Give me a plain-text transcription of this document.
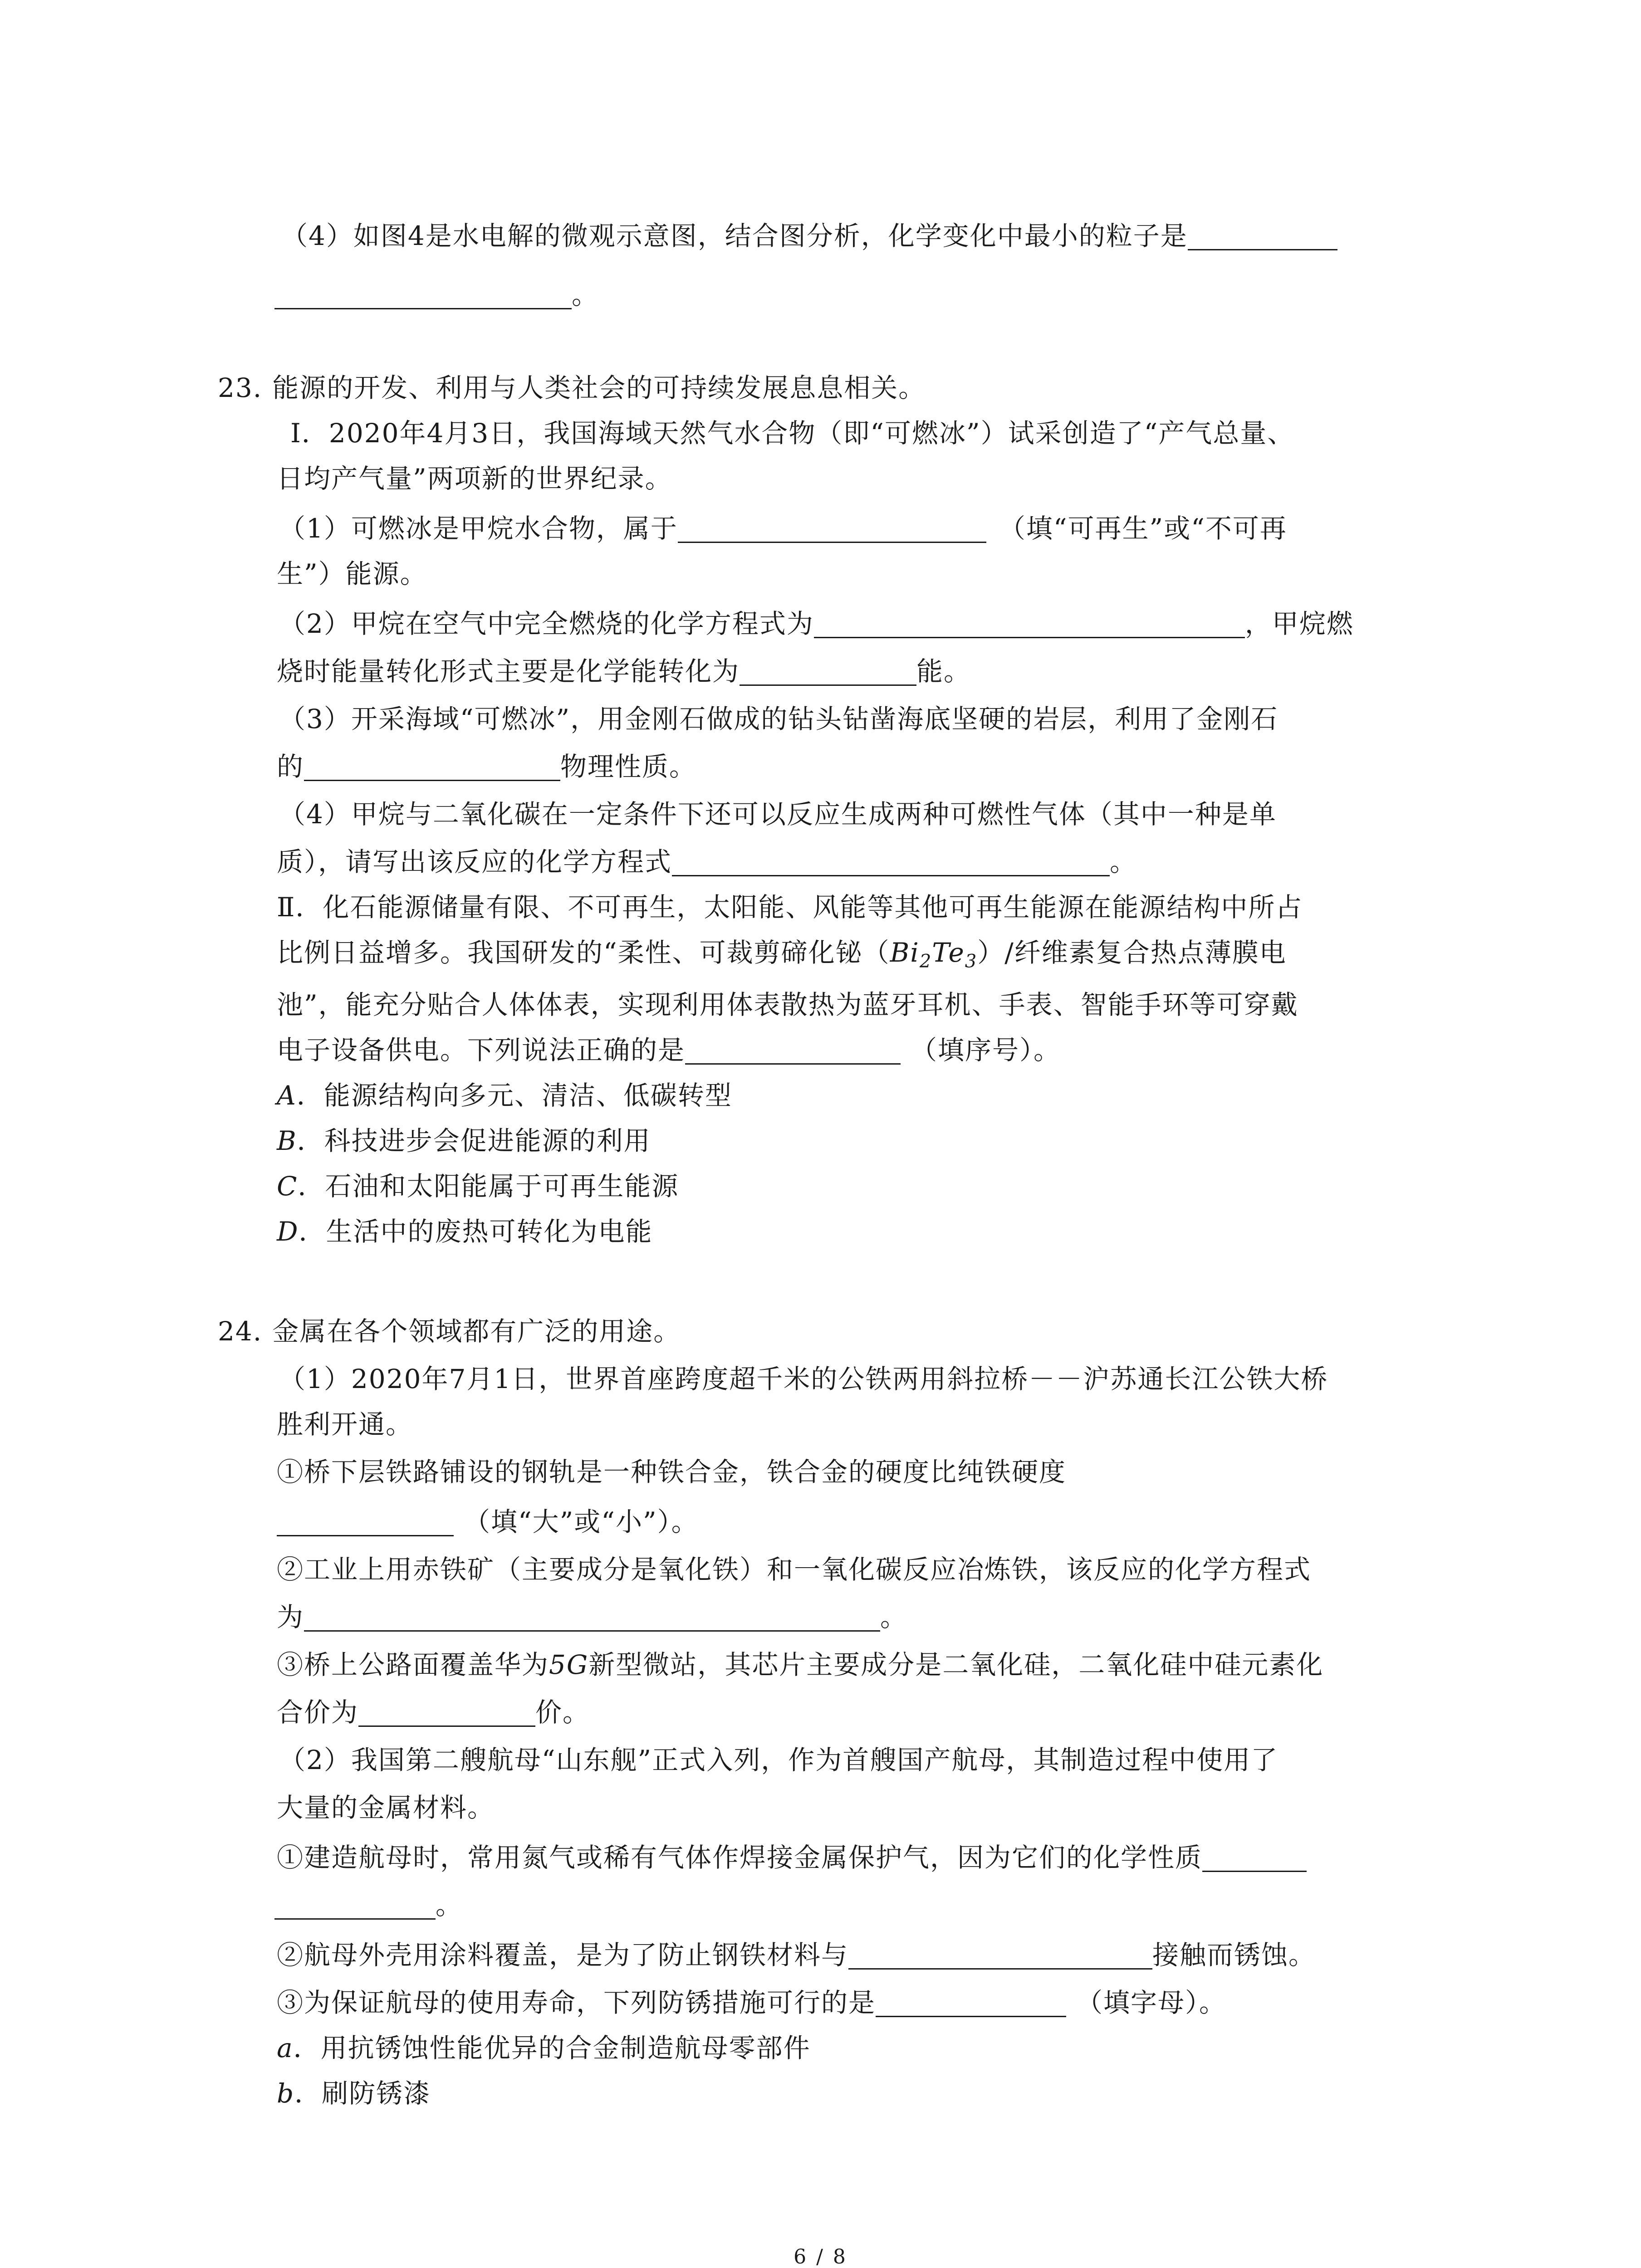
（4）如图4是水电解的微观示意图，结合图分析，化学变化中最小的粒子是
。
23. 能源的开发、利用与人类社会的可持续发展息息相关。
Ⅰ．2020年4月3日，我国海域天然气水合物（即“可燃冰”）试采创造了“产气总量、
日均产气量”两项新的世界纪录。
（1）可燃冰是甲烷水合物，属于	（填“可再生”或“不可再
生”）能源。
（2）甲烷在空气中完全燃烧的化学方程式为	，甲烷燃
烧时能量转化形式主要是化学能转化为	能。
（3）开采海域“可燃冰”，用金刚石做成的钻头钻凿海底坚硬的岩层，利用了金刚石
的	物理性质。
（4）甲烷与二氧化碳在一定条件下还可以反应生成两种可燃性气体（其中一种是单
质），请写出该反应的化学方程式	。
Ⅱ．化石能源储量有限、不可再生，太阳能、风能等其他可再生能源在能源结构中所占
比例日益增多。我国研发的“柔性、可裁剪碲化铋$(Bi_2Te_3)/$纤维素复合热点薄膜电
池”，能充分贴合人体体表，实现利用体表散热为蓝牙耳机、手表、智能手环等可穿戴
电子设备供电。下列说法正确的是	（填序号）。
A．能源结构向多元、清洁、低碳转型
B．科技进步会促进能源的利用
C．石油和太阳能属于可再生能源
D．生活中的废热可转化为电能
24. 金属在各个领域都有广泛的用途。
（1）2020年7月1日，世界首座跨度超千米的公铁两用斜拉桥－－沪苏通长江公铁大桥
胜利开通。
①桥下层铁路铺设的钢轨是一种铁合金，铁合金的硬度比纯铁硬度
（填“大”或“小”）。
②工业上用赤铁矿（主要成分是氧化铁）和一氧化碳反应冶炼铁，该反应的化学方程式
为	。
③桥上公路面覆盖华为5G新型微站，其芯片主要成分是二氧化硅，二氧化硅中硅元素化
合价为	价。
（2）我国第二艘航母“山东舰”正式入列，作为首艘国产航母，其制造过程中使用了
大量的金属材料。
①建造航母时，常用氮气或稀有气体作焊接金属保护气，因为它们的化学性质
。
②航母外壳用涂料覆盖，是为了防止钢铁材料与	接触而锈蚀。
③为保证航母的使用寿命，下列防锈措施可行的是	（填字母）。
a．用抗锈蚀性能优异的合金制造航母零部件
b．刷防锈漆
6 / 8
